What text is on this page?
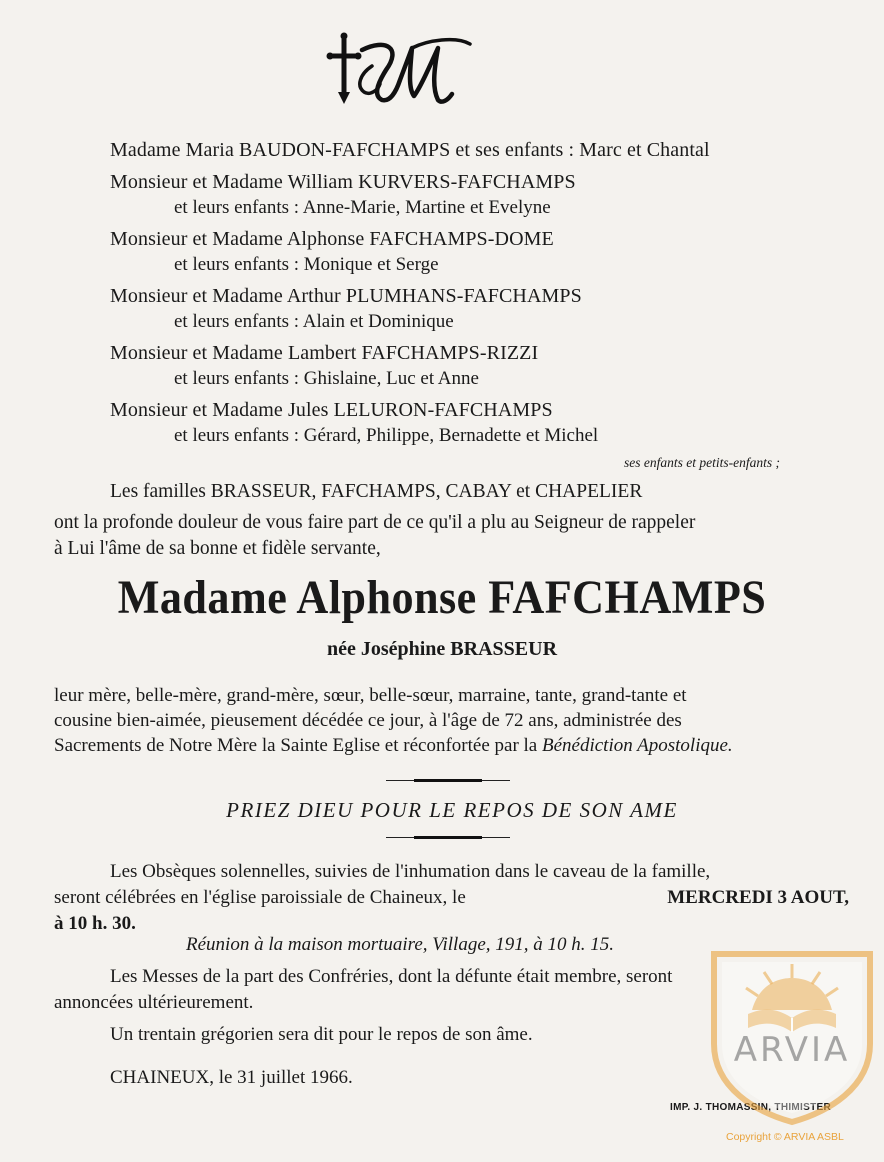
Madame Maria BAUDON-FAFCHAMPS et ses enfants : Marc et Chantal
Monsieur et Madame William KURVERS-FAFCHAMPS
et leurs enfants : Anne-Marie, Martine et Evelyne
Monsieur et Madame Alphonse FAFCHAMPS-DOME
et leurs enfants : Monique et Serge
Monsieur et Madame Arthur PLUMHANS-FAFCHAMPS
et leurs enfants : Alain et Dominique
Monsieur et Madame Lambert FAFCHAMPS-RIZZI
et leurs enfants : Ghislaine, Luc et Anne
Monsieur et Madame Jules LELURON-FAFCHAMPS
et leurs enfants : Gérard, Philippe, Bernadette et Michel
ses enfants et petits-enfants ;
Les familles BRASSEUR, FAFCHAMPS, CABAY et CHAPELIER
ont la profonde douleur de vous faire part de ce qu'il a plu au Seigneur de rappeler
à Lui l'âme de sa bonne et fidèle servante,
Madame Alphonse FAFCHAMPS
née Joséphine BRASSEUR
leur mère, belle-mère, grand-mère, sœur, belle-sœur, marraine, tante, grand-tante et
cousine bien-aimée, pieusement décédée ce jour, à l'âge de 72 ans, administrée des
Sacrements de Notre Mère la Sainte Eglise et réconfortée par la Bénédiction Apostolique.
PRIEZ DIEU POUR LE REPOS DE SON AME
Les Obsèques solennelles, suivies de l'inhumation dans le caveau de la famille,
seront célébrées en l'église paroissiale de Chaineux, le	MERCREDI 3 AOUT,
à 10 h. 30.
Réunion à la maison mortuaire, Village, 191, à 10 h. 15.
Les Messes de la part des Confréries, dont la défunte était membre, seront
annoncées ultérieurement.
Un trentain grégorien sera dit pour le repos de son âme.
CHAINEUX, le 31 juillet 1966.
IMP. J. THOMASSIN, THIMISTER
ARVIA
Copyright © ARVIA ASBL
